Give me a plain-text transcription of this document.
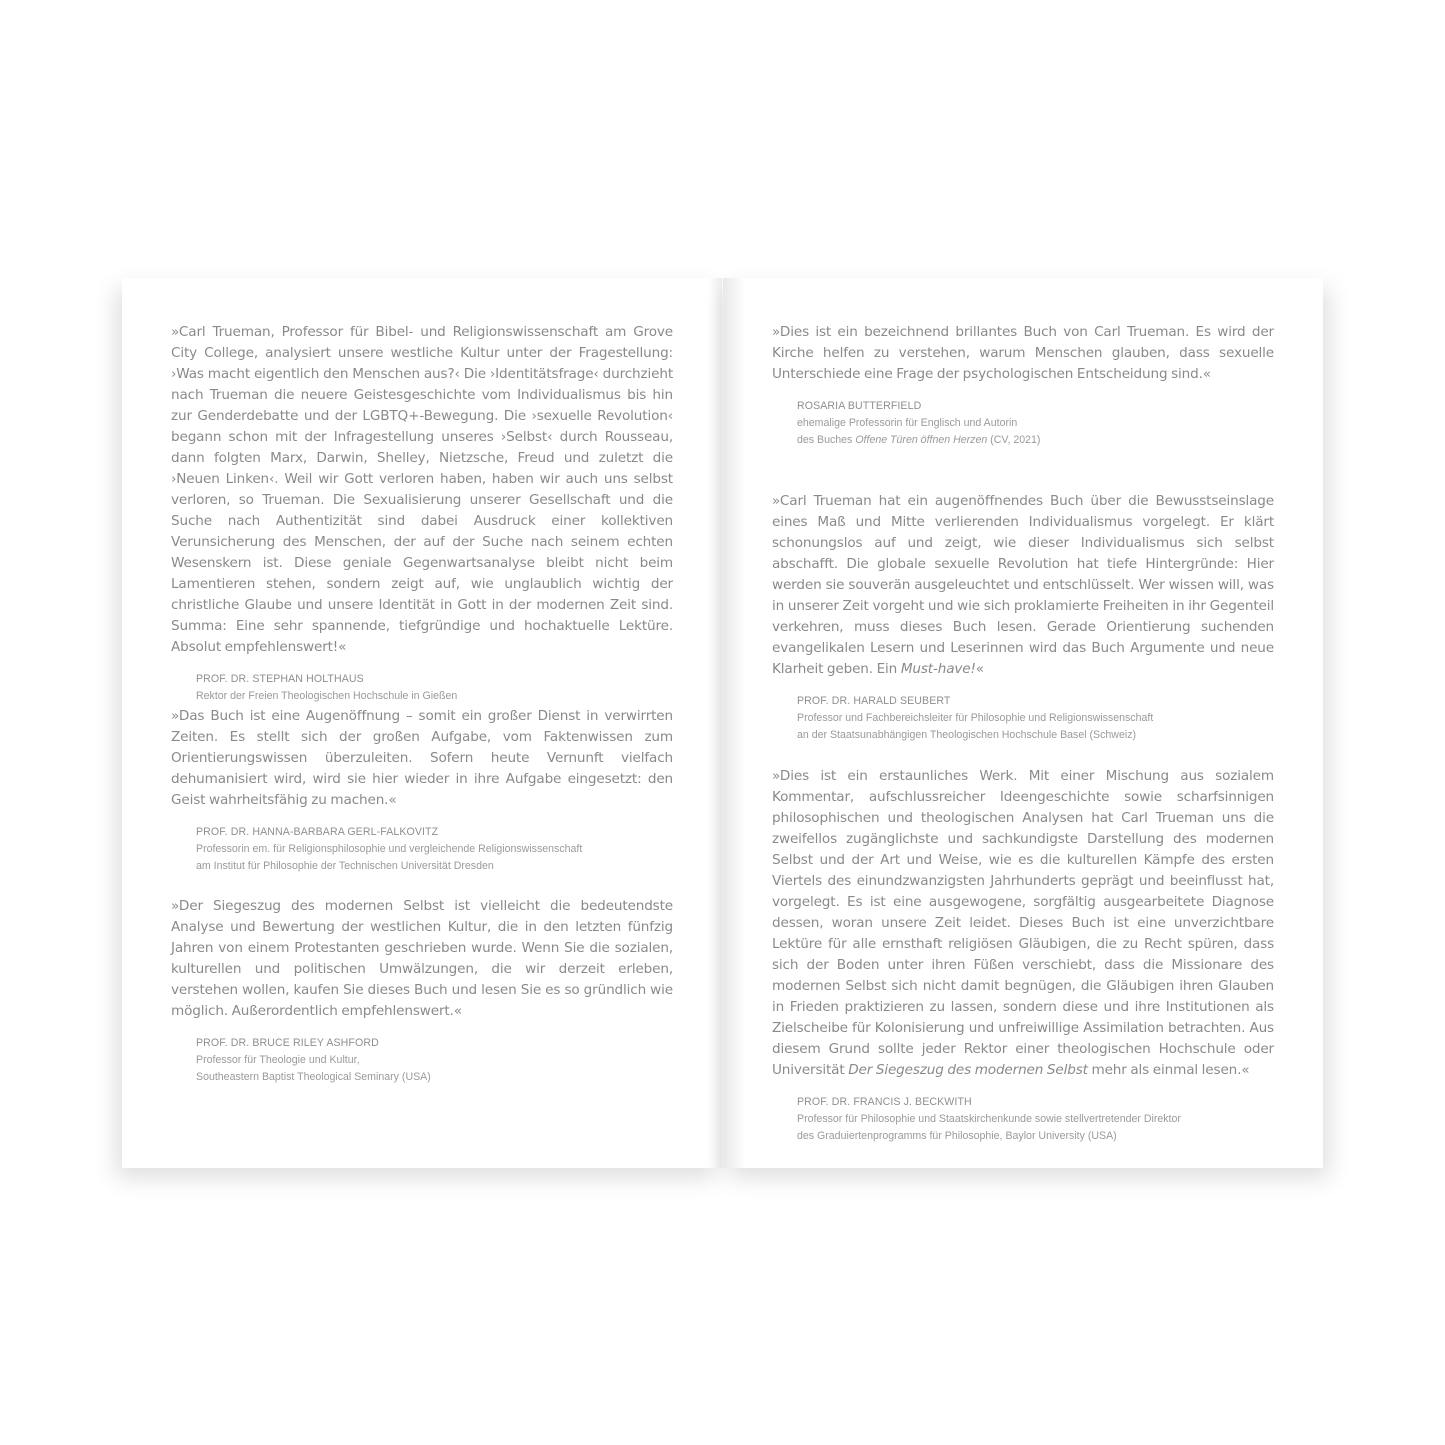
»Carl Trueman, Professor für Bibel- und Religionswissenschaft am Grove City College, analysiert unsere westliche Kultur unter der Fragestellung: ›Was macht eigentlich den Menschen aus?‹ Die ›Identitätsfrage‹ durchzieht nach Trueman die neuere Geistesgeschichte vom Individualismus bis hin zur Genderdebatte und der LGBTQ+-Bewegung. Die ›sexuelle Revolution‹ begann schon mit der Infragestellung unseres ›Selbst‹ durch Rousseau, dann folgten Marx, Darwin, Shelley, Nietzsche, Freud und zuletzt die ›Neuen Linken‹. Weil wir Gott verloren haben, haben wir auch uns selbst verloren, so Trueman. Die Sexualisierung unserer Gesellschaft und die Suche nach Authentizität sind dabei Ausdruck einer kollektiven Verunsicherung des Menschen, der auf der Suche nach seinem echten Wesenskern ist. Diese geniale Gegenwartsanalyse bleibt nicht beim Lamentieren stehen, sondern zeigt auf, wie unglaublich wichtig der christliche Glaube und unsere Identität in Gott in der modernen Zeit sind. Summa: Eine sehr spannende, tiefgründige und hochaktuelle Lektüre. Absolut empfehlenswert!«

PROF. DR. STEPHAN HOLTHAUS
Rektor der Freien Theologischen Hochschule in Gießen

»Das Buch ist eine Augenöffnung – somit ein großer Dienst in verwirrten Zeiten. Es stellt sich der großen Aufgabe, vom Faktenwissen zum Orientierungswissen überzuleiten. Sofern heute Vernunft vielfach dehumanisiert wird, wird sie hier wieder in ihre Aufgabe eingesetzt: den Geist wahrheitsfähig zu machen.«

PROF. DR. HANNA-BARBARA GERL-FALKOVITZ
Professorin em. für Religionsphilosophie und vergleichende Religionswissenschaft
am Institut für Philosophie der Technischen Universität Dresden

»Der Siegeszug des modernen Selbst ist vielleicht die bedeutendste Analyse und Bewertung der westlichen Kultur, die in den letzten fünfzig Jahren von einem Protestanten geschrieben wurde. Wenn Sie die sozialen, kulturellen und politischen Umwälzungen, die wir derzeit erleben, verstehen wollen, kaufen Sie dieses Buch und lesen Sie es so gründlich wie möglich. Außerordentlich empfehlenswert.«

PROF. DR. BRUCE RILEY ASHFORD
Professor für Theologie und Kultur,
Southeastern Baptist Theological Seminary (USA)

»Dies ist ein bezeichnend brillantes Buch von Carl Trueman. Es wird der Kirche helfen zu verstehen, warum Menschen glauben, dass sexuelle Unterschiede eine Frage der psychologischen Entscheidung sind.«

ROSARIA BUTTERFIELD
ehemalige Professorin für Englisch und Autorin
des Buches Offene Türen öffnen Herzen (CV, 2021)

»Carl Trueman hat ein augenöffnendes Buch über die Bewusstseinslage eines Maß und Mitte verlierenden Individualismus vorgelegt. Er klärt schonungslos auf und zeigt, wie dieser Individualismus sich selbst abschafft. Die globale sexuelle Revolution hat tiefe Hintergründe: Hier werden sie souverän ausgeleuchtet und entschlüsselt. Wer wissen will, was in unserer Zeit vorgeht und wie sich proklamierte Freiheiten in ihr Gegenteil verkehren, muss dieses Buch lesen. Gerade Orientierung suchenden evangelikalen Lesern und Leserinnen wird das Buch Argumente und neue Klarheit geben. Ein Must-have!«

PROF. DR. HARALD SEUBERT
Professor und Fachbereichsleiter für Philosophie und Religionswissenschaft
an der Staatsunabhängigen Theologischen Hochschule Basel (Schweiz)

»Dies ist ein erstaunliches Werk. Mit einer Mischung aus sozialem Kommentar, aufschlussreicher Ideengeschichte sowie scharfsinnigen philosophischen und theologischen Analysen hat Carl Trueman uns die zweifellos zugänglichste und sachkundigste Darstellung des modernen Selbst und der Art und Weise, wie es die kulturellen Kämpfe des ersten Viertels des einundzwanzigsten Jahrhunderts geprägt und beeinflusst hat, vorgelegt. Es ist eine ausgewogene, sorgfältig ausgearbeitete Diagnose dessen, woran unsere Zeit leidet. Dieses Buch ist eine unverzichtbare Lektüre für alle ernsthaft religiösen Gläubigen, die zu Recht spüren, dass sich der Boden unter ihren Füßen verschiebt, dass die Missionare des modernen Selbst sich nicht damit begnügen, die Gläubigen ihren Glauben in Frieden praktizieren zu lassen, sondern diese und ihre Institutionen als Zielscheibe für Kolonisierung und unfreiwillige Assimilation betrachten. Aus diesem Grund sollte jeder Rektor einer theologischen Hochschule oder Universität Der Siegeszug des modernen Selbst mehr als einmal lesen.«

PROF. DR. FRANCIS J. BECKWITH
Professor für Philosophie und Staatskirchenkunde sowie stellvertretender Direktor
des Graduiertenprogramms für Philosophie, Baylor University (USA)
